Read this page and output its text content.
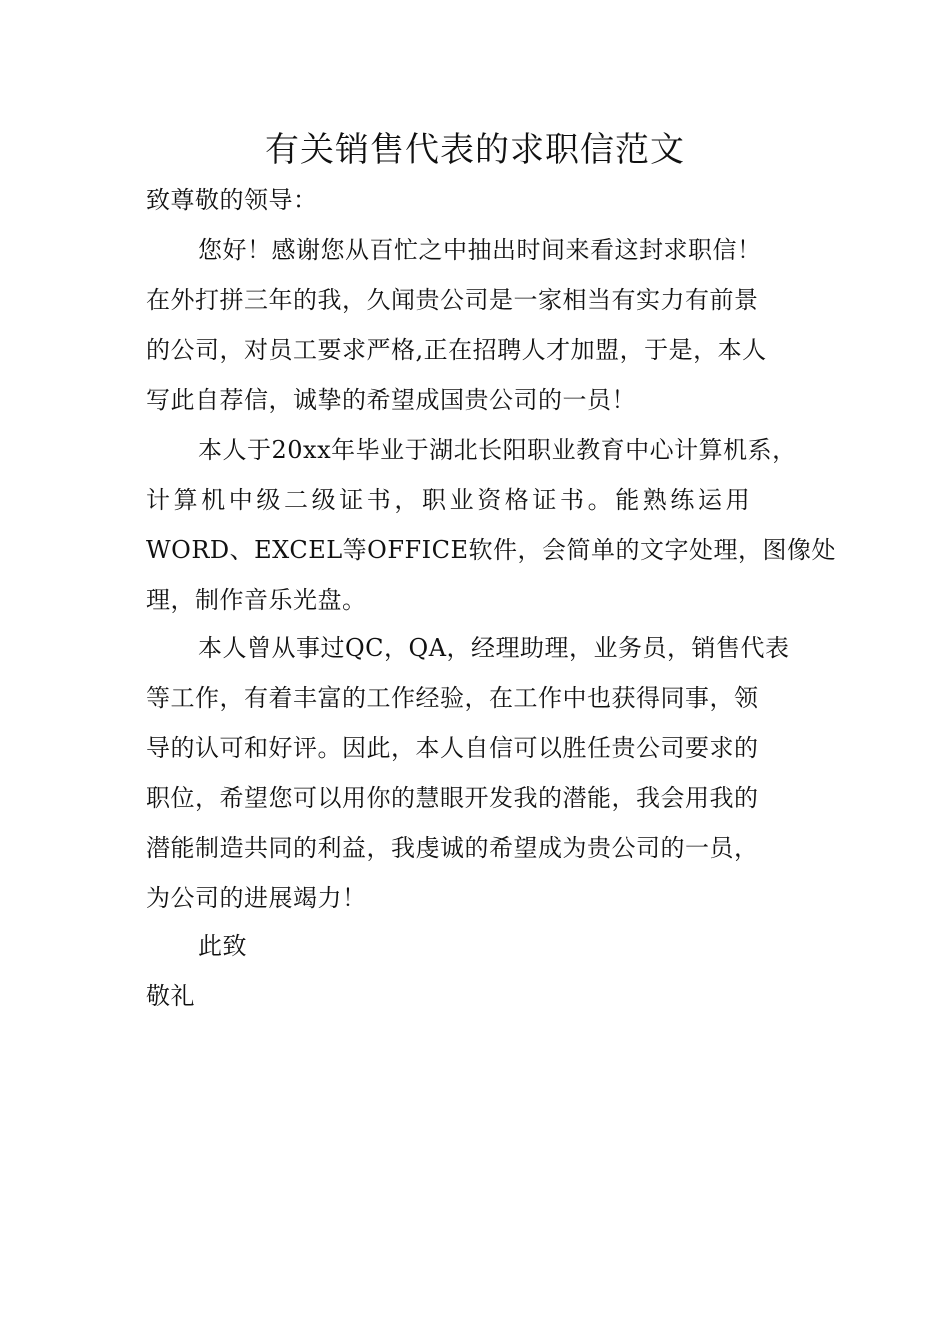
有关销售代表的求职信范文

致尊敬的领导：

您好！感谢您从百忙之中抽出时间来看这封求职信！

在外打拼三年的我，久闻贵公司是一家相当有实力有前景

的公司，对员工要求严格,正在招聘人才加盟，于是，本人

写此自荐信，诚挚的希望成国贵公司的一员！

本人于20xx年毕业于湖北长阳职业教育中心计算机系，

计算机中级二级证书，职业资格证书。能熟练运用

WORD、EXCEL等OFFICE软件，会简单的文字处理，图像处

理，制作音乐光盘。

本人曾从事过QC，QA，经理助理，业务员，销售代表

等工作，有着丰富的工作经验，在工作中也获得同事，领

导的认可和好评。因此，本人自信可以胜任贵公司要求的

职位，希望您可以用你的慧眼开发我的潜能，我会用我的

潜能制造共同的利益，我虔诚的希望成为贵公司的一员，

为公司的进展竭力！

此致

敬礼
